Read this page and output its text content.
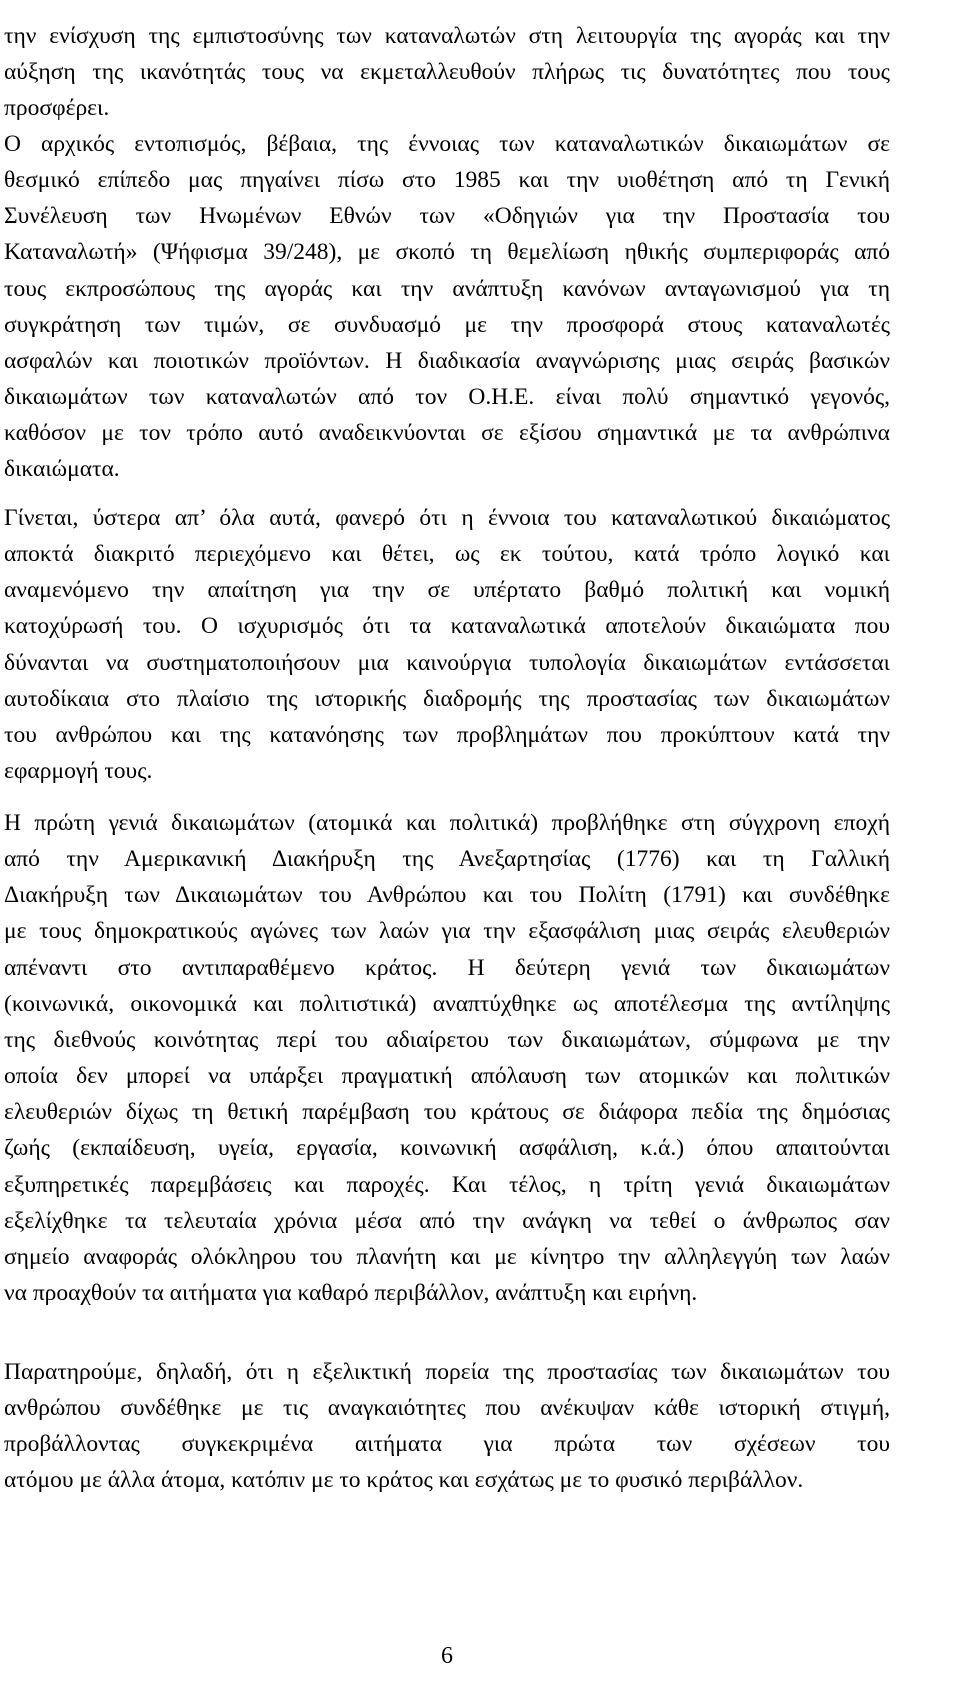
την ενίσχυση της εμπιστοσύνης των καταναλωτών στη λειτουργία της αγοράς και την
αύξηση της ικανότητάς τους να εκμεταλλευθούν πλήρως τις δυνατότητες που τους
προσφέρει.
Ο αρχικός εντοπισμός, βέβαια, της έννοιας των καταναλωτικών δικαιωμάτων σε
θεσμικό επίπεδο μας πηγαίνει πίσω στο 1985 και την υιοθέτηση από τη Γενική
Συνέλευση των Ηνωμένων Εθνών των «Οδηγιών για την Προστασία του
Καταναλωτή» (Ψήφισμα 39/248), με σκοπό τη θεμελίωση ηθικής συμπεριφοράς από
τους εκπροσώπους της αγοράς και την ανάπτυξη κανόνων ανταγωνισμού για τη
συγκράτηση των τιμών, σε συνδυασμό με την προσφορά στους καταναλωτές
ασφαλών και ποιοτικών προϊόντων. Η διαδικασία αναγνώρισης μιας σειράς βασικών
δικαιωμάτων των καταναλωτών από τον Ο.Η.Ε. είναι πολύ σημαντικό γεγονός,
καθόσον με τον τρόπο αυτό αναδεικνύονται σε εξίσου σημαντικά με τα ανθρώπινα
δικαιώματα.
Γίνεται, ύστερα απ’ όλα αυτά, φανερό ότι η έννοια του καταναλωτικού δικαιώματος
αποκτά διακριτό περιεχόμενο και θέτει, ως εκ τούτου, κατά τρόπο λογικό και
αναμενόμενο την απαίτηση για την σε υπέρτατο βαθμό πολιτική και νομική
κατοχύρωσή του. Ο ισχυρισμός ότι τα καταναλωτικά αποτελούν δικαιώματα που
δύνανται να συστηματοποιήσουν μια καινούργια τυπολογία δικαιωμάτων εντάσσεται
αυτοδίκαια στο πλαίσιο της ιστορικής διαδρομής της προστασίας των δικαιωμάτων
του ανθρώπου και της κατανόησης των προβλημάτων που προκύπτουν κατά την
εφαρμογή τους.
Η πρώτη γενιά δικαιωμάτων (ατομικά και πολιτικά) προβλήθηκε στη σύγχρονη εποχή
από την Αμερικανική Διακήρυξη της Ανεξαρτησίας (1776) και τη Γαλλική
Διακήρυξη των Δικαιωμάτων του Ανθρώπου και του Πολίτη (1791) και συνδέθηκε
με τους δημοκρατικούς αγώνες των λαών για την εξασφάλιση μιας σειράς ελευθεριών
απέναντι στο αντιπαραθέμενο κράτος. Η δεύτερη γενιά των δικαιωμάτων
(κοινωνικά, οικονομικά και πολιτιστικά) αναπτύχθηκε ως αποτέλεσμα της αντίληψης
της διεθνούς κοινότητας περί του αδιαίρετου των δικαιωμάτων, σύμφωνα με την
οποία δεν μπορεί να υπάρξει πραγματική απόλαυση των ατομικών και πολιτικών
ελευθεριών δίχως τη θετική παρέμβαση του κράτους σε διάφορα πεδία της δημόσιας
ζωής (εκπαίδευση, υγεία, εργασία, κοινωνική ασφάλιση, κ.ά.) όπου απαιτούνται
εξυπηρετικές παρεμβάσεις και παροχές. Και τέλος, η τρίτη γενιά δικαιωμάτων
εξελίχθηκε τα τελευταία χρόνια μέσα από την ανάγκη να τεθεί ο άνθρωπος σαν
σημείο αναφοράς ολόκληρου του πλανήτη και με κίνητρο την αλληλεγγύη των λαών
να προαχθούν τα αιτήματα για καθαρό περιβάλλον, ανάπτυξη και ειρήνη.
Παρατηρούμε, δηλαδή, ότι η εξελικτική πορεία της προστασίας των δικαιωμάτων του
ανθρώπου συνδέθηκε με τις αναγκαιότητες που ανέκυψαν κάθε ιστορική στιγμή,
προβάλλοντας συγκεκριμένα αιτήματα για πρώτα των σχέσεων του
ατόμου με άλλα άτομα, κατόπιν με το κράτος και εσχάτως με το φυσικό περιβάλλον.
6
